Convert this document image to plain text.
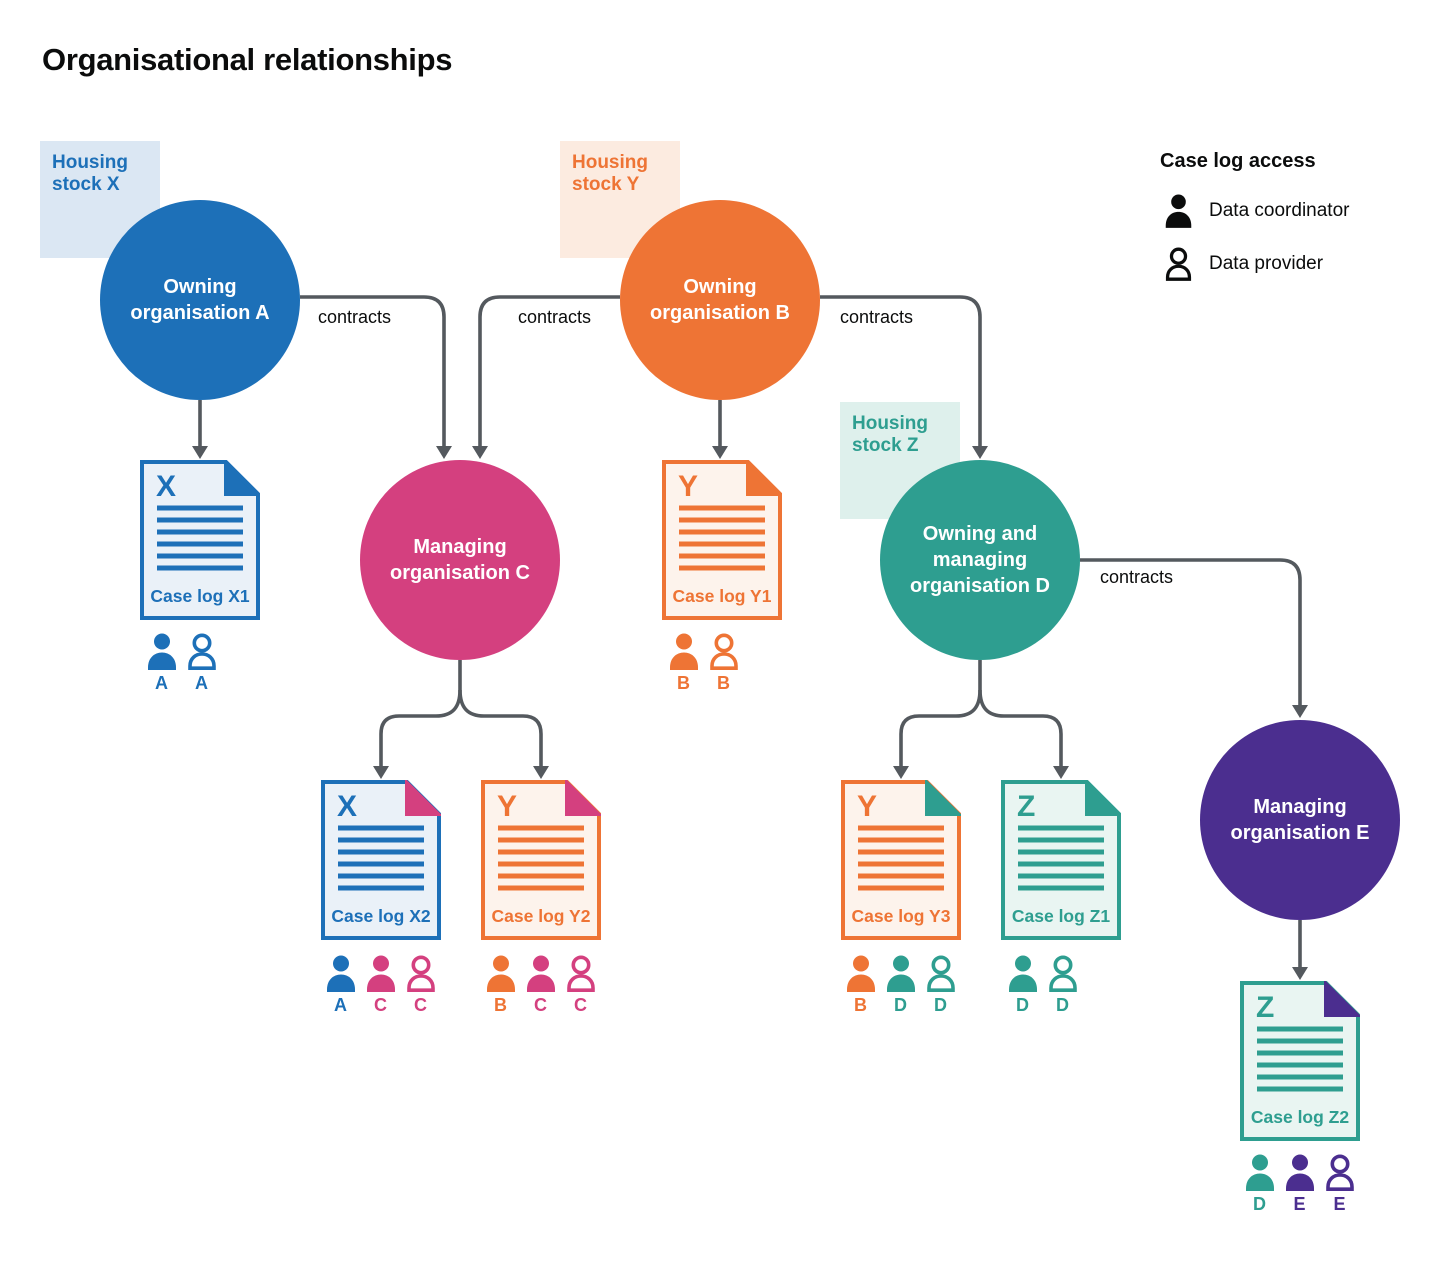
Organisational relationships
Case log access
Data coordinator
Data provider
Housing stock X
Housing stock Y
Housing stock Z
contracts	contracts	contracts
contracts
Owning organisation A
Owning organisation B
Managing organisation C
Owning and managing organisation D
Managing organisation E
X
Case log X1
A A
Y
Case log Y1
B B
X
Case log X2
A C C
Y
Case log Y2
B C C
Y
Case log Y3
B D D
Z
Case log Z1
D D	Z
Case log Z2
D E E
